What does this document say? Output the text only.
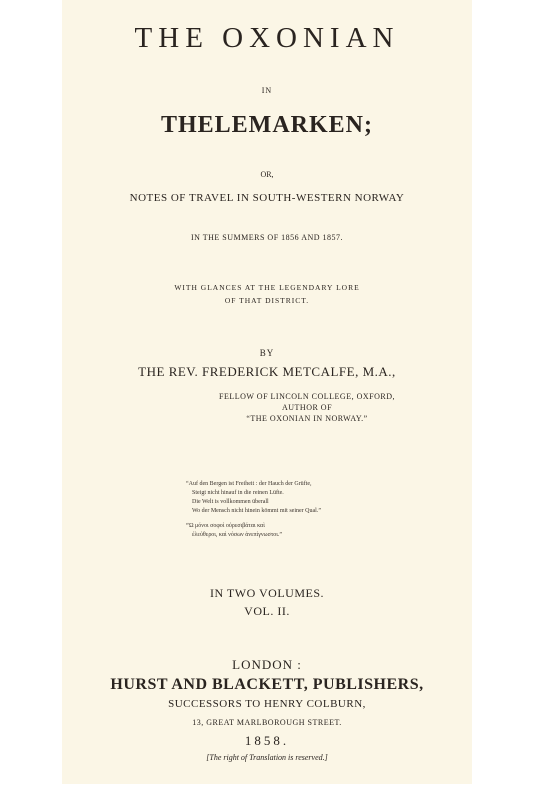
THE OXONIAN
IN
THELEMARKEN;
OR,
NOTES OF TRAVEL IN SOUTH-WESTERN NORWAY
IN THE SUMMERS OF 1856 AND 1857.
WITH GLANCES AT THE LEGENDARY LORE
OF THAT DISTRICT.
BY
THE REV. FREDERICK METCALFE, M.A.,
FELLOW OF LINCOLN COLLEGE, OXFORD,
AUTHOR OF
“THE OXONIAN IN NORWAY.”
“Auf den Bergen ist Freiheit : der Hauch der Grüfte,
Steigt nicht hinauf in die reinen Lüfte.
Die Welt is vollkommen überall
Wo der Mensch nicht hinein kömmt mit seiner Qual.”
“Ὠ μόνοι σοφοὶ οὐρεσιβάται καὶ
ἐλεύθεροι, καὶ νόσων ἀνεπίγνωστοι.”
IN TWO VOLUMES.
VOL. II.
LONDON :
HURST AND BLACKETT, PUBLISHERS,
SUCCESSORS TO HENRY COLBURN,
13, GREAT MARLBOROUGH STREET.
1858.
[The right of Translation is reserved.]
